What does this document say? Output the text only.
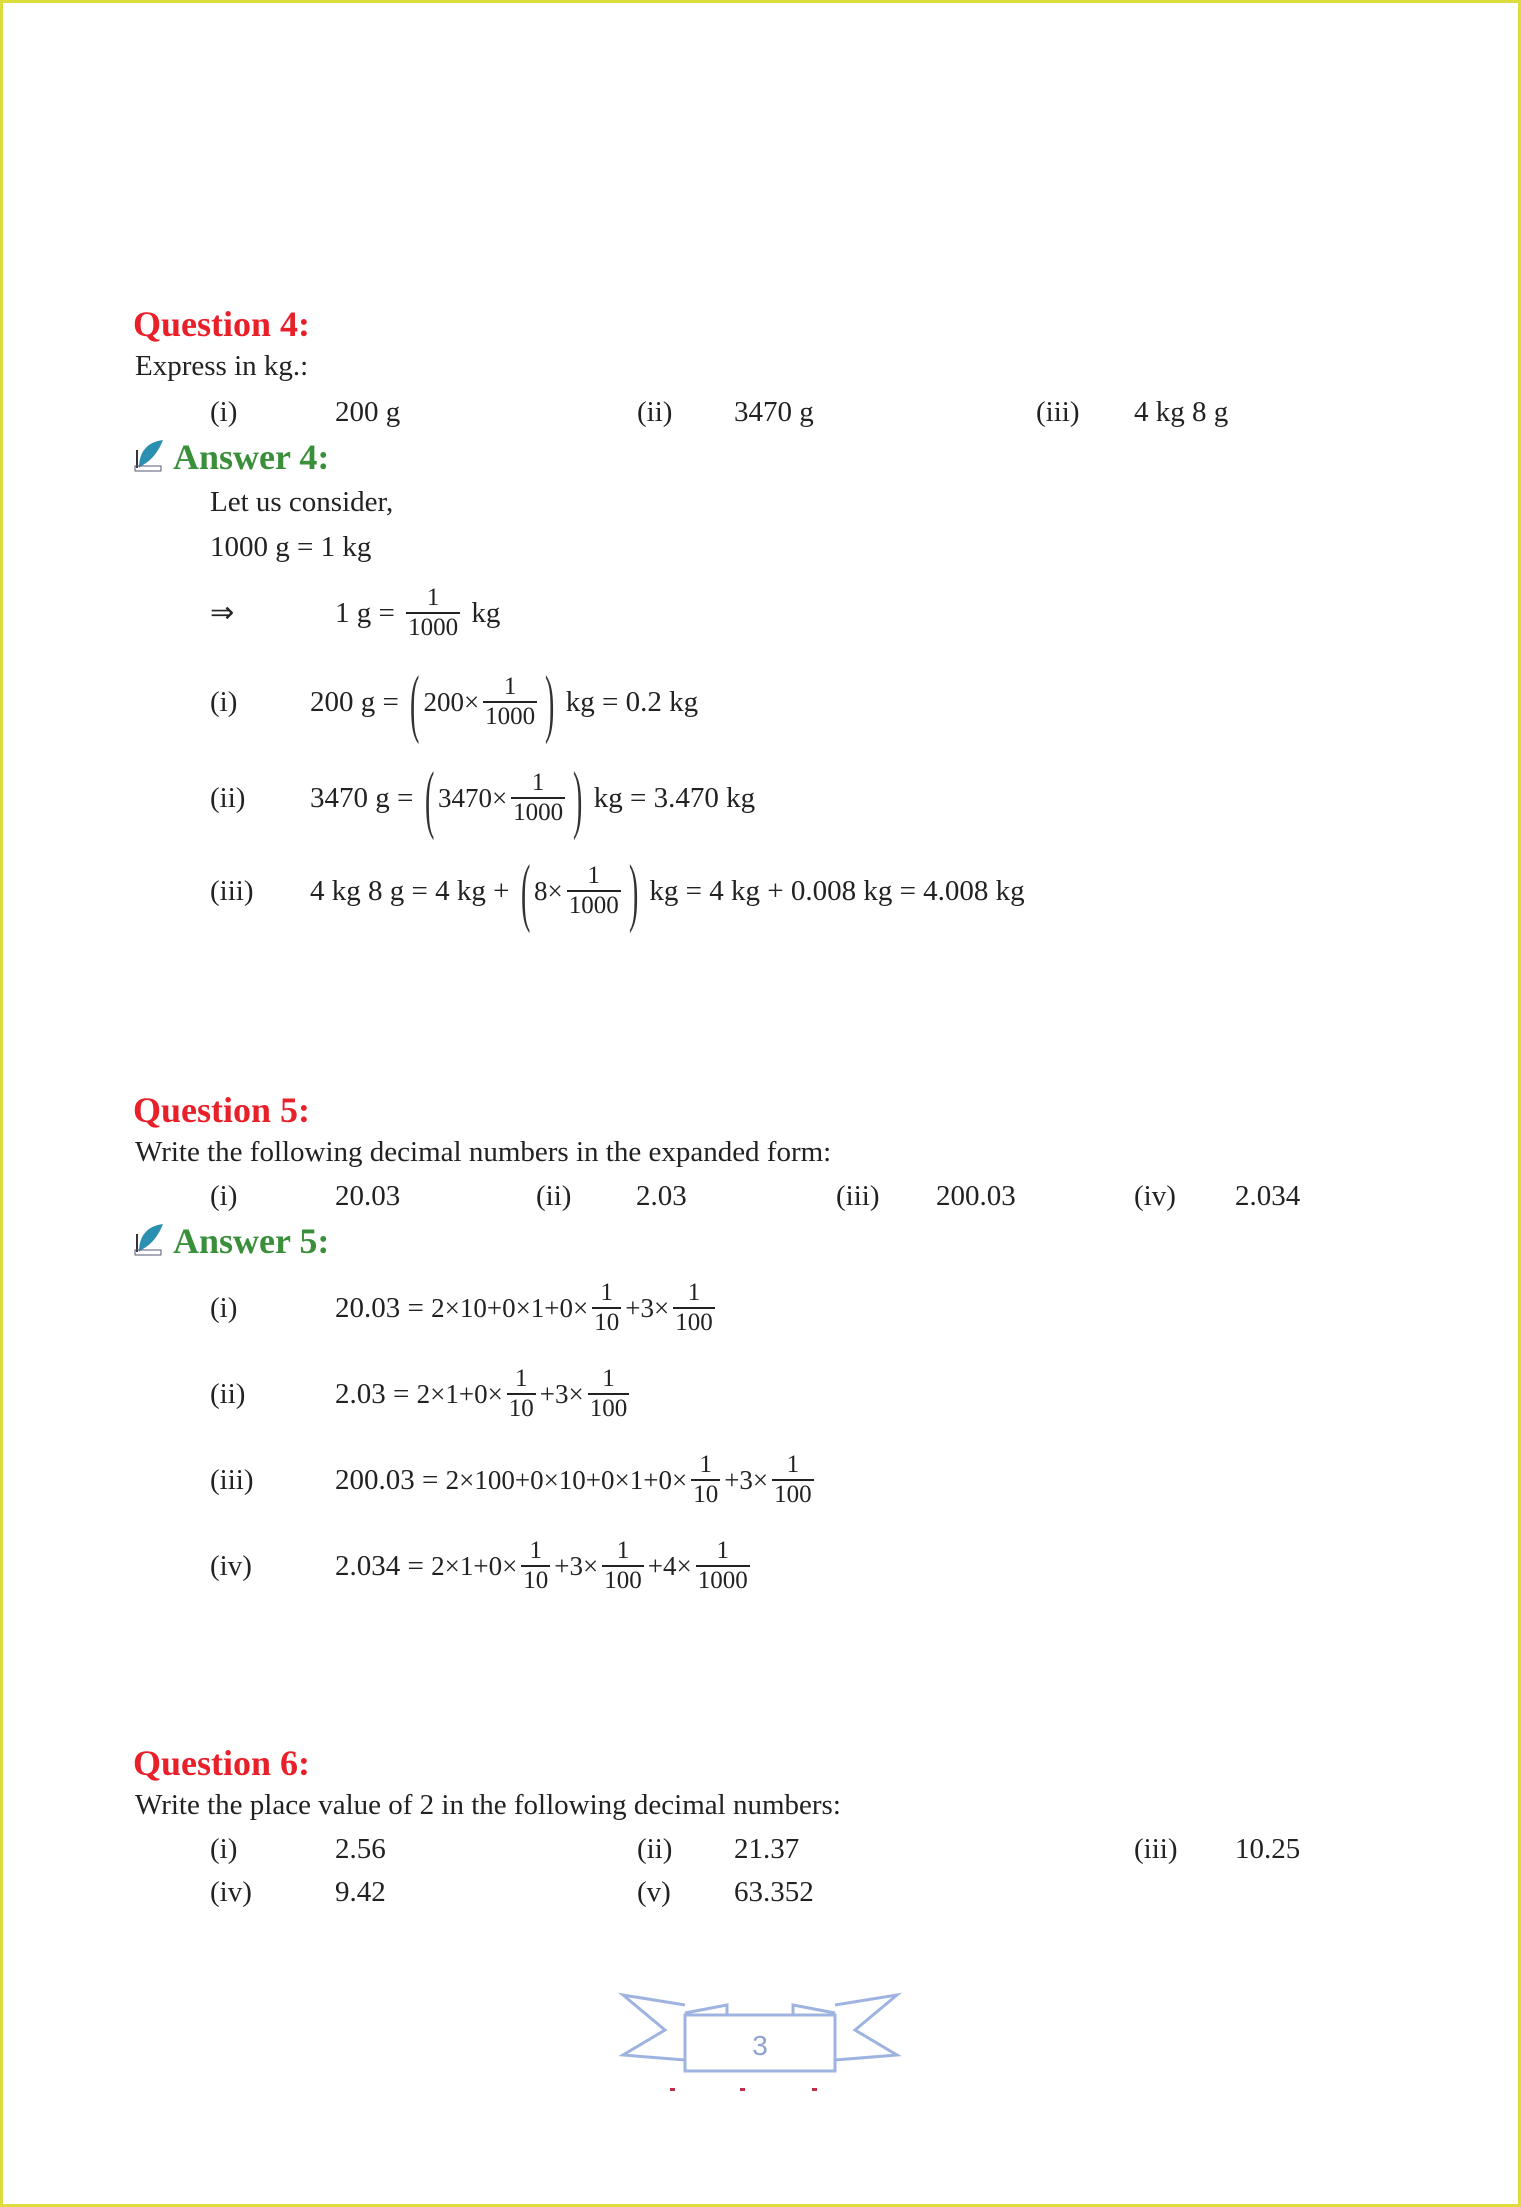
Question 4:
Express in kg.:
(i)	200 g	(ii) 3470 g	(iii) 4 kg 8 g
Answer 4:
Let us consider,
1000 g = 1 kg
⇒	1 $g = \frac{1}{1000}$ kg
(i)	200 g = ( $200\times \frac{1}{1000}$ ) kg = 0.2 kg
(ii) 3470 g = ( $3470\times \frac{1}{1000}$ ) kg = 3.470 kg
(iii) 4 kg 8 g = 4 kg + ( $8\times \frac{1}{1000}$ ) kg = 4 kg + 0.008 kg = 4.008 kg
Question 5:
Write the following decimal numbers in the expanded form:
(i)	20.03	(ii) 2.03	(iii) 200.03	(iv) 2.034
Answer 5:
(i)	$20.03 = 2\times 10+0\times 1+0\times \frac{1}{10} +3\times \frac{1}{100}$
(ii)	$2.03 = 2\times 1+0\times \frac{1}{10} +3\times \frac{1}{100}$
(iii)	$200.03 = 2\times 100+0\times 10+0\times 1+0\times \frac{1}{10} +3\times \frac{1}{100}$
(iv)	$2.034 = 2\times 1+0\times \frac{1}{10} +3\times \frac{1}{100} +4\times \frac{1}{1000}$
Question 6:
Write the place value of 2 in the following decimal numbers:
(i)	2.56	(ii) 21.37	(iii) 10.25
(iv)	9.42	(v) 63.352
3
